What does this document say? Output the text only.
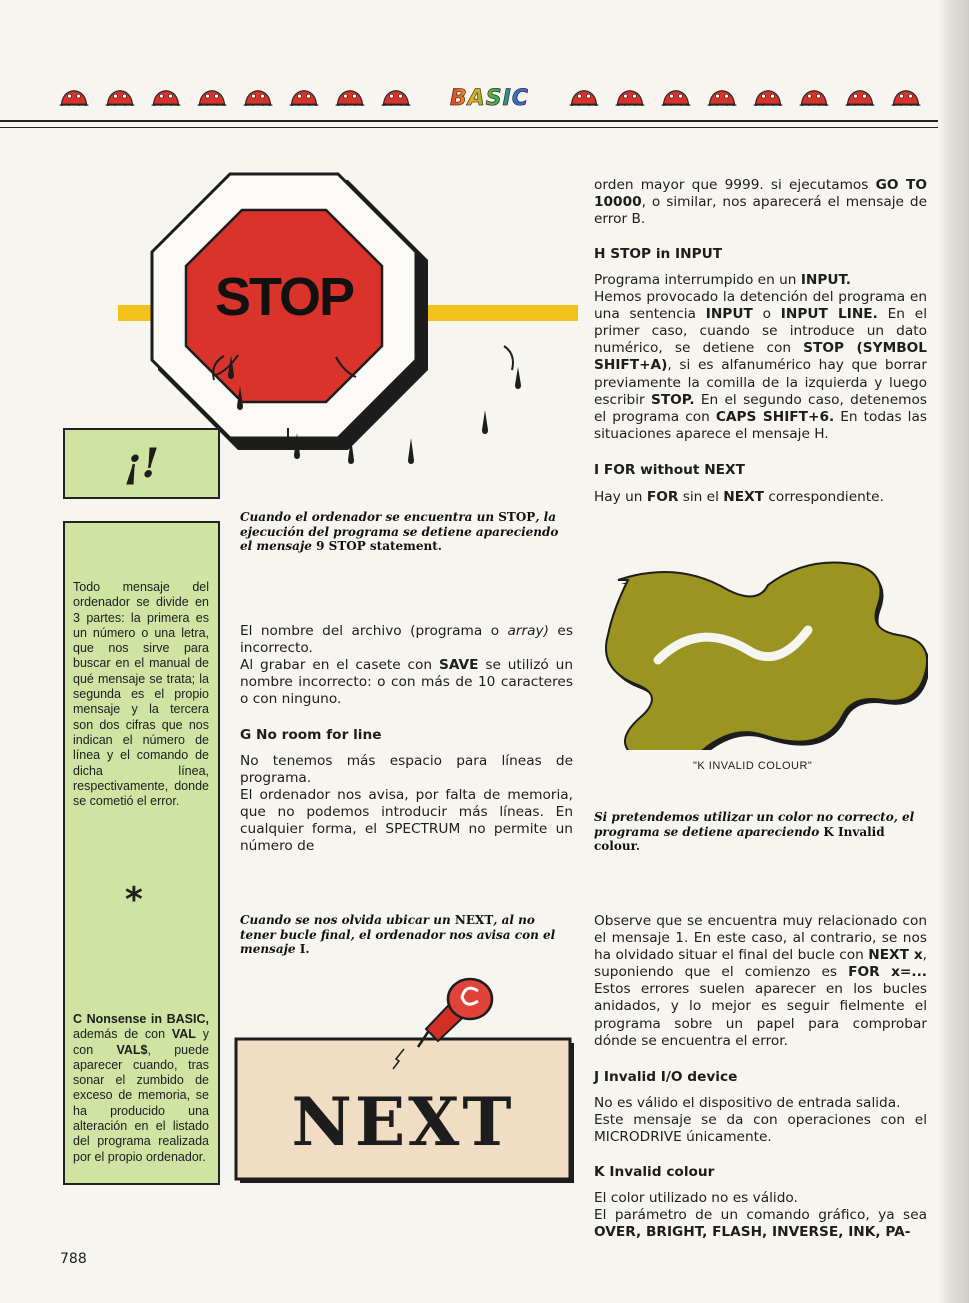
BASIC
STOP
Cuando el ordenador se encuentra un STOP, la ejecución del programa se detiene apareciendo el mensaje 9 STOP statement.
¡!
Todo mensaje del ordenador se divide en 3 partes: la primera es un número o una letra, que nos sirve para buscar en el manual de qué mensaje se trata; la segunda es el propio mensaje y la tercera son dos cifras que nos indican el número de línea y el comando de dicha línea, respectivamente, donde se cometió el error.
*
C Nonsense in BASIC, además de con VAL y con VAL$, puede aparecer cuando, tras sonar el zumbido de exceso de memoria, se ha producido una alteración en el listado del programa realizada por el propio ordenador.

El nombre del archivo (programa o array) es incorrecto.

Al grabar en el casete con SAVE se utilizó un nombre incorrecto: o con más de 10 caracteres o con ninguno.

G No room for line

No tenemos más espacio para líneas de programa.

El ordenador nos avisa, por falta de memoria, que no podemos introducir más líneas. En cualquier forma, el SPECTRUM no permite un número de

Cuando se nos olvida ubicar un NEXT, al no tener bucle final, el ordenador nos avisa con el mensaje I.
NEXT

orden mayor que 9999. si ejecutamos GO TO 10000, o similar, nos aparecerá el mensaje de error B.

H STOP in INPUT

Programa interrumpido en un INPUT.

Hemos provocado la detención del programa en una sentencia INPUT o INPUT LINE. En el primer caso, cuando se introduce un dato numérico, se detiene con STOP (SYMBOL SHIFT+A), si es alfanumérico hay que borrar previamente la comilla de la izquierda y luego escribir STOP. En el segundo caso, detenemos el programa con CAPS SHIFT+6. En todas las situaciones aparece el mensaje H.

I FOR without NEXT

Hay un FOR sin el NEXT correspondiente.

"K INVALID COLOUR"
Si pretendemos utilizar un color no correcto, el programa se detiene apareciendo K Invalid colour.

Observe que se encuentra muy relacionado con el mensaje 1. En este caso, al contrario, se nos ha olvidado situar el final del bucle con NEXT x, suponiendo que el comienzo es FOR x=... Estos errores suelen aparecer en los bucles anidados, y lo mejor es seguir fielmente el programa sobre un papel para comprobar dónde se encuentra el error.

J Invalid I/O device

No es válido el dispositivo de entrada salida.

Este mensaje se da con operaciones con el MICRODRIVE únicamente.

K Invalid colour

El color utilizado no es válido.

El parámetro de un comando gráfico, ya sea OVER, BRIGHT, FLASH, INVERSE, INK, PA-

788
